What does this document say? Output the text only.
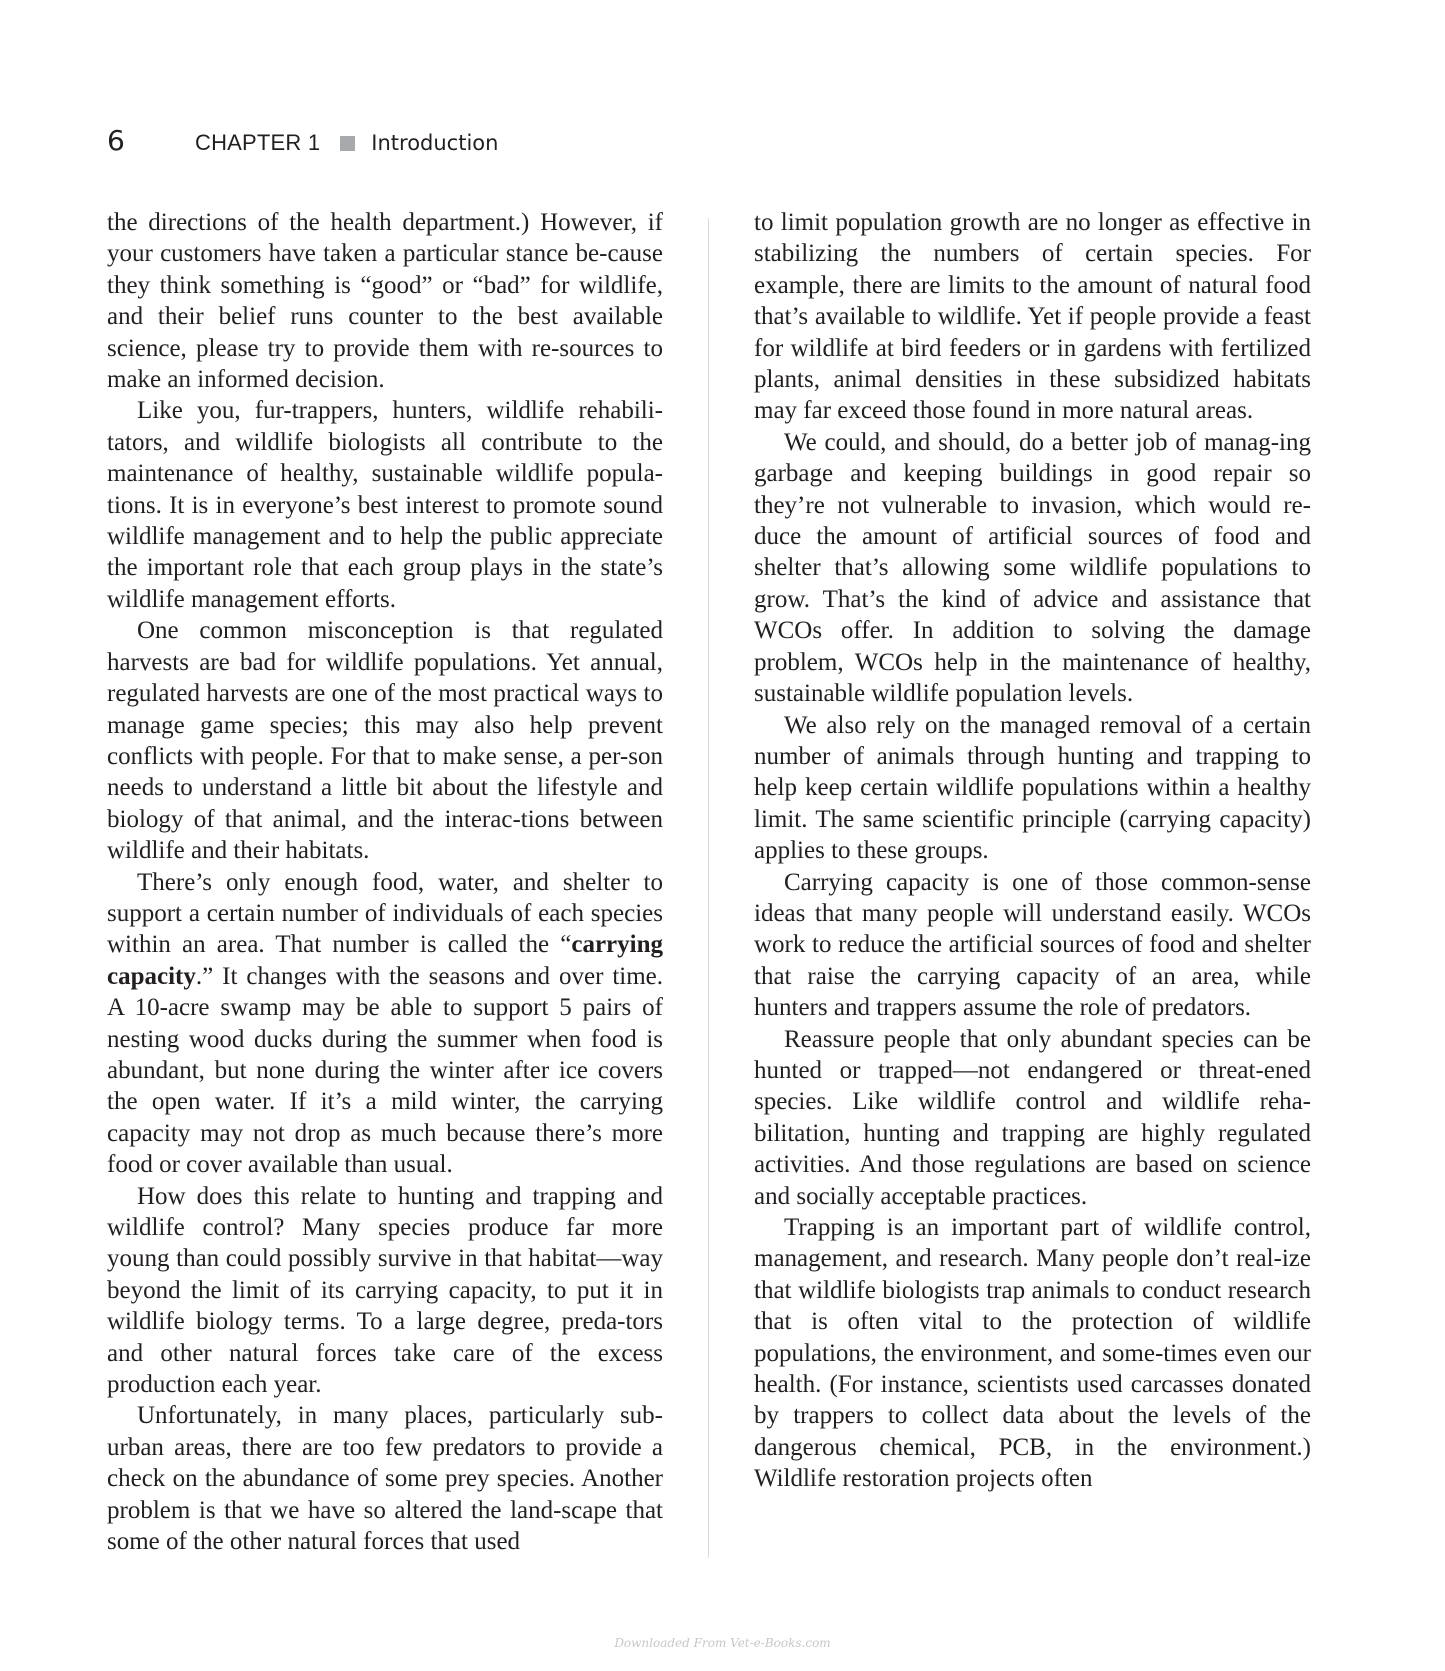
6	CHAPTER 1 Introduction

the directions of the health department.) However, if your customers have taken a particular stance be-cause they think something is “good” or “bad” for wildlife, and their belief runs counter to the best available science, please try to provide them with re-sources to make an informed decision.

Like you, fur-trappers, hunters, wildlife rehabili-tators, and wildlife biologists all contribute to the maintenance of healthy, sustainable wildlife popula-tions. It is in everyone’s best interest to promote sound wildlife management and to help the public appreciate the important role that each group plays in the state’s wildlife management efforts.

One common misconception is that regulated harvests are bad for wildlife populations. Yet annual, regulated harvests are one of the most practical ways to manage game species; this may also help prevent conflicts with people. For that to make sense, a per-son needs to understand a little bit about the lifestyle and biology of that animal, and the interac-tions between wildlife and their habitats.

There’s only enough food, water, and shelter to support a certain number of individuals of each species within an area. That number is called the “carrying capacity.” It changes with the seasons and over time. A 10-acre swamp may be able to support 5 pairs of nesting wood ducks during the summer when food is abundant, but none during the winter after ice covers the open water. If it’s a mild winter, the carrying capacity may not drop as much because there’s more food or cover available than usual.

How does this relate to hunting and trapping and wildlife control? Many species produce far more young than could possibly survive in that habitat—way beyond the limit of its carrying capacity, to put it in wildlife biology terms. To a large degree, preda-tors and other natural forces take care of the excess production each year.

Unfortunately, in many places, particularly sub-urban areas, there are too few predators to provide a check on the abundance of some prey species. Another problem is that we have so altered the land-scape that some of the other natural forces that used

to limit population growth are no longer as effective in stabilizing the numbers of certain species. For example, there are limits to the amount of natural food that’s available to wildlife. Yet if people provide a feast for wildlife at bird feeders or in gardens with fertilized plants, animal densities in these subsidized habitats may far exceed those found in more natural areas.

We could, and should, do a better job of manag-ing garbage and keeping buildings in good repair so they’re not vulnerable to invasion, which would re-duce the amount of artificial sources of food and shelter that’s allowing some wildlife populations to grow. That’s the kind of advice and assistance that WCOs offer. In addition to solving the damage problem, WCOs help in the maintenance of healthy, sustainable wildlife population levels.

We also rely on the managed removal of a certain number of animals through hunting and trapping to help keep certain wildlife populations within a healthy limit. The same scientific principle (carrying capacity) applies to these groups.

Carrying capacity is one of those common-sense ideas that many people will understand easily. WCOs work to reduce the artificial sources of food and shelter that raise the carrying capacity of an area, while hunters and trappers assume the role of predators.

Reassure people that only abundant species can be hunted or trapped—not endangered or threat-ened species. Like wildlife control and wildlife reha-bilitation, hunting and trapping are highly regulated activities. And those regulations are based on science and socially acceptable practices.

Trapping is an important part of wildlife control, management, and research. Many people don’t real-ize that wildlife biologists trap animals to conduct research that is often vital to the protection of wildlife populations, the environment, and some-times even our health. (For instance, scientists used carcasses donated by trappers to collect data about the levels of the dangerous chemical, PCB, in the environment.) Wildlife restoration projects often

Downloaded From Vet-e-Books.com
